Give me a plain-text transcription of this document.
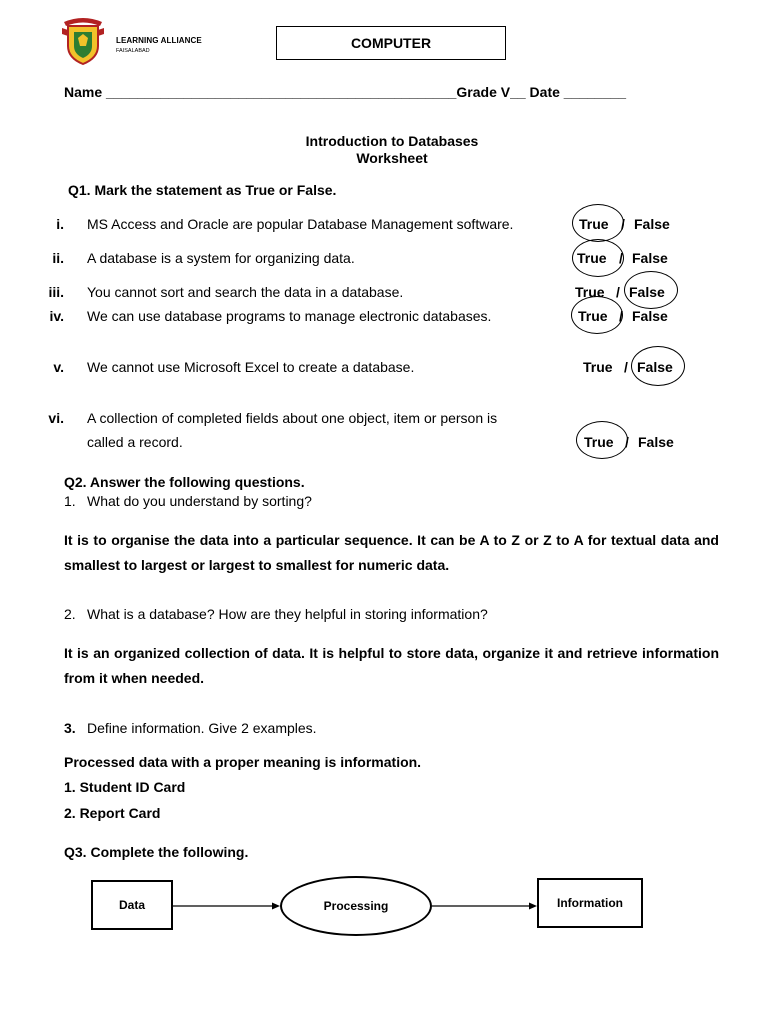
LEARNING ALLIANCE
FAISALABAD	COMPUTER
Name _____________________________________________Grade V__ Date ________
Introduction to Databases
Worksheet
Q1. Mark the statement as True or False.
i. MS Access and Oracle are popular Database Management software.	True / False
ii. A database is a system for organizing data.	True / False
iii. You cannot sort and search the data in a database.	True / False
iv. We can use database programs to manage electronic databases.	True / False
v. We cannot use Microsoft Excel to create a database.	True / False
vi. A collection of completed fields about one object, item or person is
called a record.	True / False
Q2. Answer the following questions.
1. What do you understand by sorting?
It is to organise the data into a particular sequence. It can be A to Z or Z to A for textual data and smallest to largest or largest to smallest for numeric data.
2. What is a database? How are they helpful in storing information?
It is an organized collection of data. It is helpful to store data, organize it and retrieve information from it when needed.
3. Define information. Give 2 examples.
Processed data with a proper meaning is information.
1. Student ID Card
2. Report Card
Q3. Complete the following.
Data	Processing	Information
